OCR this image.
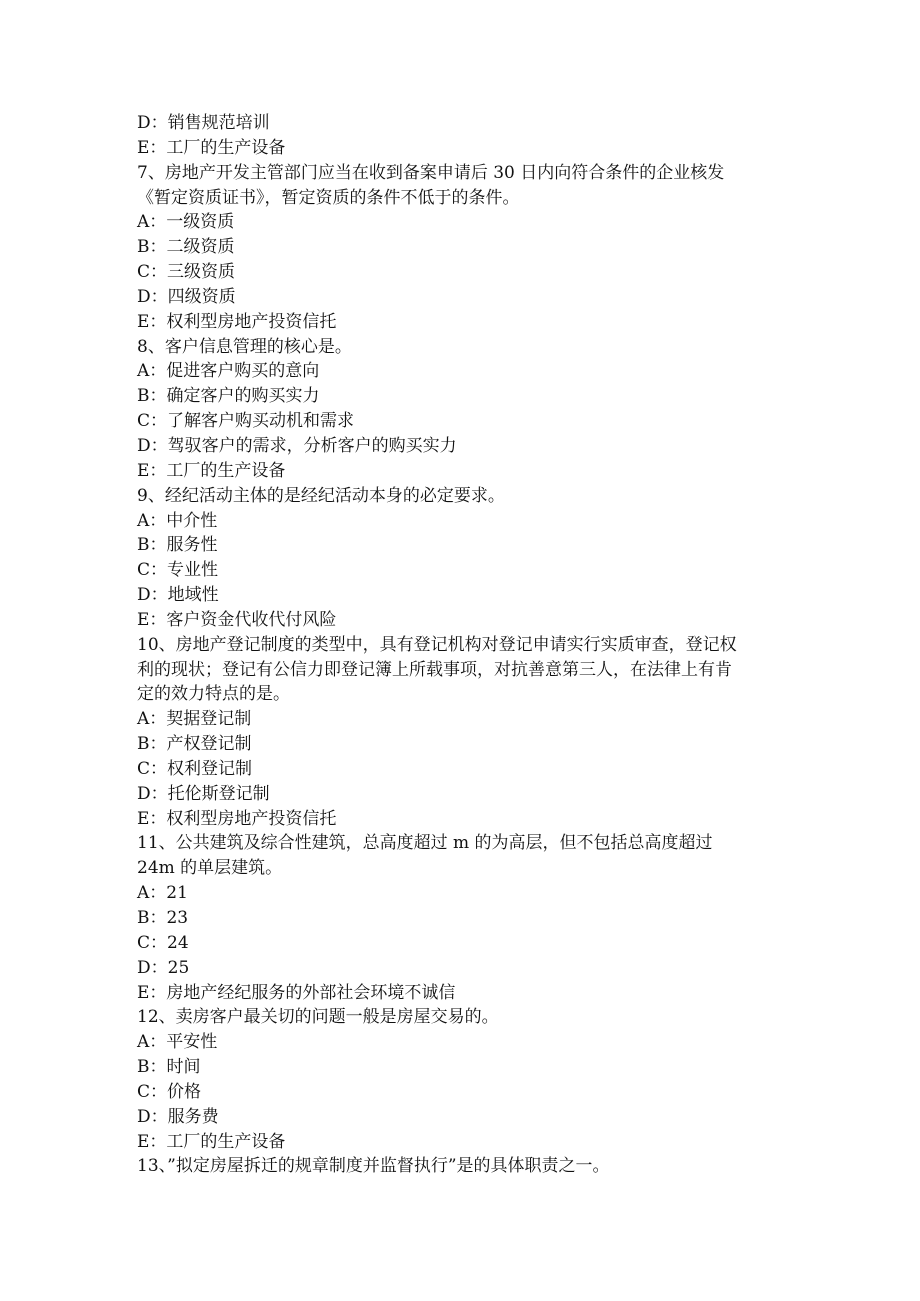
D：销售规范培训
E：工厂的生产设备
7、房地产开发主管部门应当在收到备案申请后 30 日内向符合条件的企业核发
《暂定资质证书》，暂定资质的条件不低于的条件。
A：一级资质
B：二级资质
C：三级资质
D：四级资质
E：权利型房地产投资信托
8、客户信息管理的核心是。
A：促进客户购买的意向
B：确定客户的购买实力
C：了解客户购买动机和需求
D：驾驭客户的需求，分析客户的购买实力
E：工厂的生产设备
9、经纪活动主体的是经纪活动本身的必定要求。
A：中介性
B：服务性
C：专业性
D：地域性
E：客户资金代收代付风险
10、房地产登记制度的类型中，具有登记机构对登记申请实行实质审查，登记权
利的现状；登记有公信力即登记簿上所载事项，对抗善意第三人，在法律上有肯
定的效力特点的是。
A：契据登记制
B：产权登记制
C：权利登记制
D：托伦斯登记制
E：权利型房地产投资信托
11、公共建筑及综合性建筑，总高度超过 m 的为高层，但不包括总高度超过
24m 的单层建筑。
A：21
B：23
C：24
D：25
E：房地产经纪服务的外部社会环境不诚信
12、卖房客户最关切的问题一般是房屋交易的。
A：平安性
B：时间
C：价格
D：服务费
E：工厂的生产设备
13、”拟定房屋拆迁的规章制度并监督执行”是的具体职责之一。
